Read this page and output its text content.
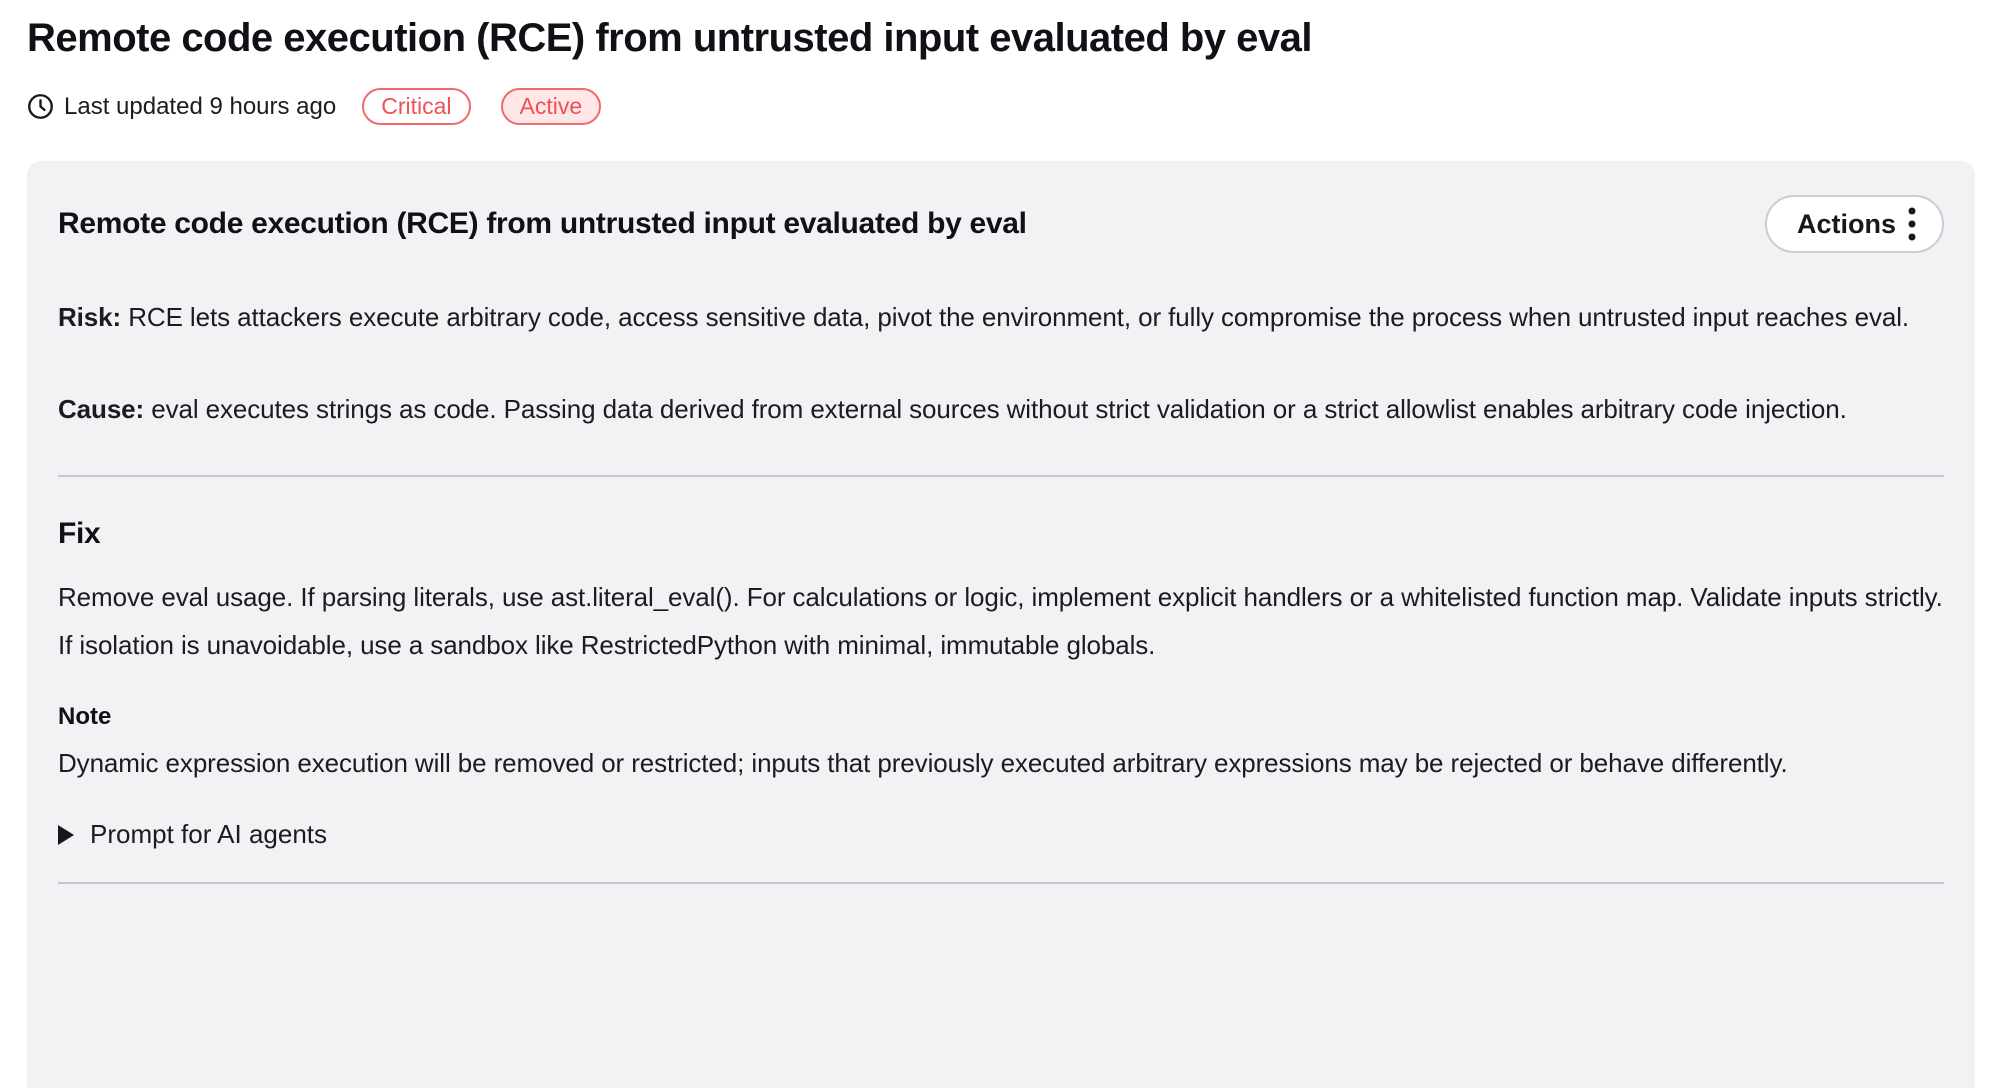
Remote code execution (RCE) from untrusted input evaluated by eval
Last updated 9 hours ago	Critical	Active
Remote code execution (RCE) from untrusted input evaluated by eval	Actions

Risk: RCE lets attackers execute arbitrary code, access sensitive data, pivot the environment, or fully compromise the process when untrusted input reaches eval.

Cause: eval executes strings as code. Passing data derived from external sources without strict validation or a strict allowlist enables arbitrary code injection.

Fix

Remove eval usage. If parsing literals, use ast.literal_eval(). For calculations or logic, implement explicit handlers or a whitelisted function map. Validate inputs strictly. If isolation is unavoidable, use a sandbox like RestrictedPython with minimal, immutable globals.

Note

Dynamic expression execution will be removed or restricted; inputs that previously executed arbitrary expressions may be rejected or behave differently.

Prompt for AI agents
